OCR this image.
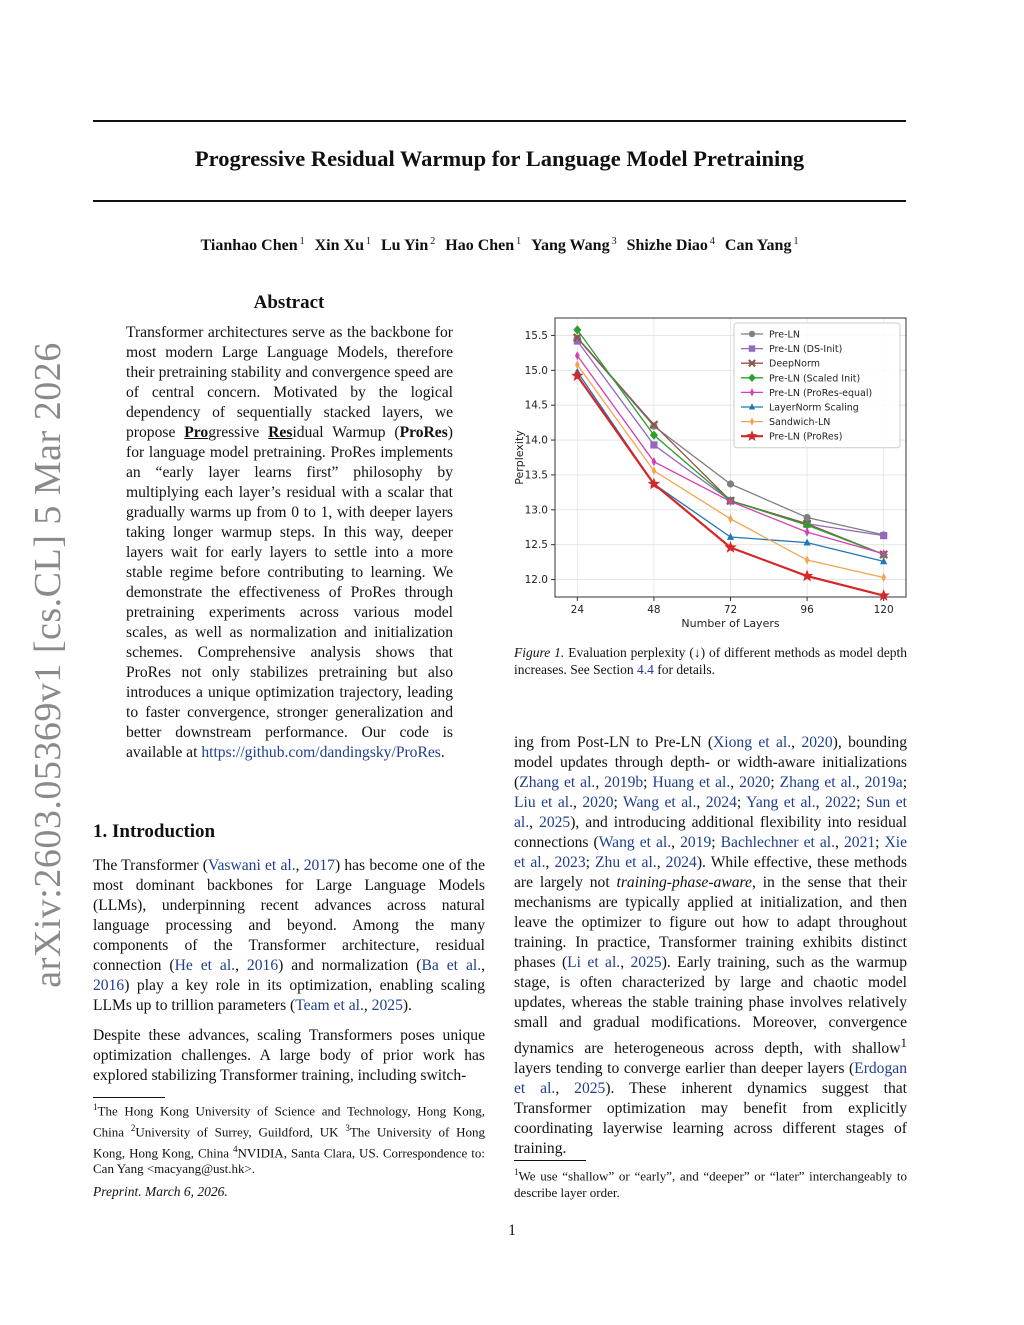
Progressive Residual Warmup for Language Model Pretraining
Tianhao Chen $^1$ Xin Xu $^1$ Lu Yin $^2$ Hao Chen $^1$ Yang Wang $^3$ Shizhe Diao $^4$ Can Yang $^1$
arXiv:2603.05369v1 [cs.CL] 5 Mar 2026
Abstract
Transformer architectures serve as the backbone for most modern Large Language Models, therefore their pretraining stability and convergence speed are of central concern. Motivated by the logical dependency of sequentially stacked layers, we propose Progressive Residual Warmup (ProRes) for language model pretraining. ProRes implements an “early layer learns first” philosophy by multiplying each layer’s residual with a scalar that gradually warms up from 0 to 1, with deeper layers taking longer warmup steps. In this way, deeper layers wait for early layers to settle into a more stable regime before contributing to learning. We demonstrate the effectiveness of ProRes through pretraining experiments across various model scales, as well as normalization and initialization schemes. Comprehensive analysis shows that ProRes not only stabilizes pretraining but also introduces a unique optimization trajectory, leading to faster convergence, stronger generalization and better downstream performance. Our code is available at https://github.com/dandingsky/ProRes.
1. Introduction

The Transformer (Vaswani et al., 2017) has become one of the most dominant backbones for Large Language Models (LLMs), underpinning recent advances across natural language processing and beyond. Among the many components of the Transformer architecture, residual connection (He et al., 2016) and normalization (Ba et al., 2016) play a key role in its optimization, enabling scaling LLMs up to trillion parameters (Team et al., 2025).

Despite these advances, scaling Transformers poses unique optimization challenges. A large body of prior work has explored stabilizing Transformer training, including switch-

$^1$The Hong Kong University of Science and Technology, Hong Kong, China $^2$University of Surrey, Guildford, UK $^3$The University of Hong Kong, Hong Kong, China $^4$NVIDIA, Santa Clara, US. Correspondence to: Can Yang <macyang@ust.hk>.
Preprint. March 6, 2026.
12.0
12.5
13.0
13.5
14.0
14.5
15.0
15.5
24	48	72	96	120
Number of Layers
Perplexity
Pre-LN
Pre-LN (DS-Init)
DeepNorm
Pre-LN (Scaled Init)
Pre-LN (ProRes-equal)
LayerNorm Scaling
Sandwich-LN
Pre-LN (ProRes)
Figure 1. Evaluation perplexity (↓) of different methods as model depth increases. See Section 4.4 for details.
ing from Post-LN to Pre-LN (Xiong et al., 2020), bounding model updates through depth- or width-aware initializations (Zhang et al., 2019b; Huang et al., 2020; Zhang et al., 2019a; Liu et al., 2020; Wang et al., 2024; Yang et al., 2022; Sun et al., 2025), and introducing additional flexibility into residual connections (Wang et al., 2019; Bachlechner et al., 2021; Xie et al., 2023; Zhu et al., 2024). While effective, these methods are largely not training-phase-aware, in the sense that their mechanisms are typically applied at initialization, and then leave the optimizer to figure out how to adapt throughout training. In practice, Transformer training exhibits distinct phases (Li et al., 2025). Early training, such as the warmup stage, is often characterized by large and chaotic model updates, whereas the stable training phase involves relatively small and gradual modifications. Moreover, convergence dynamics are heterogeneous across depth, with shallow$^1$ layers tending to converge earlier than deeper layers (Erdogan et al., 2025). These inherent dynamics suggest that Transformer optimization may benefit from explicitly coordinating layerwise learning across different stages of training.
$^1$We use “shallow” or “early”, and “deeper” or “later” interchangeably to describe layer order.
1
